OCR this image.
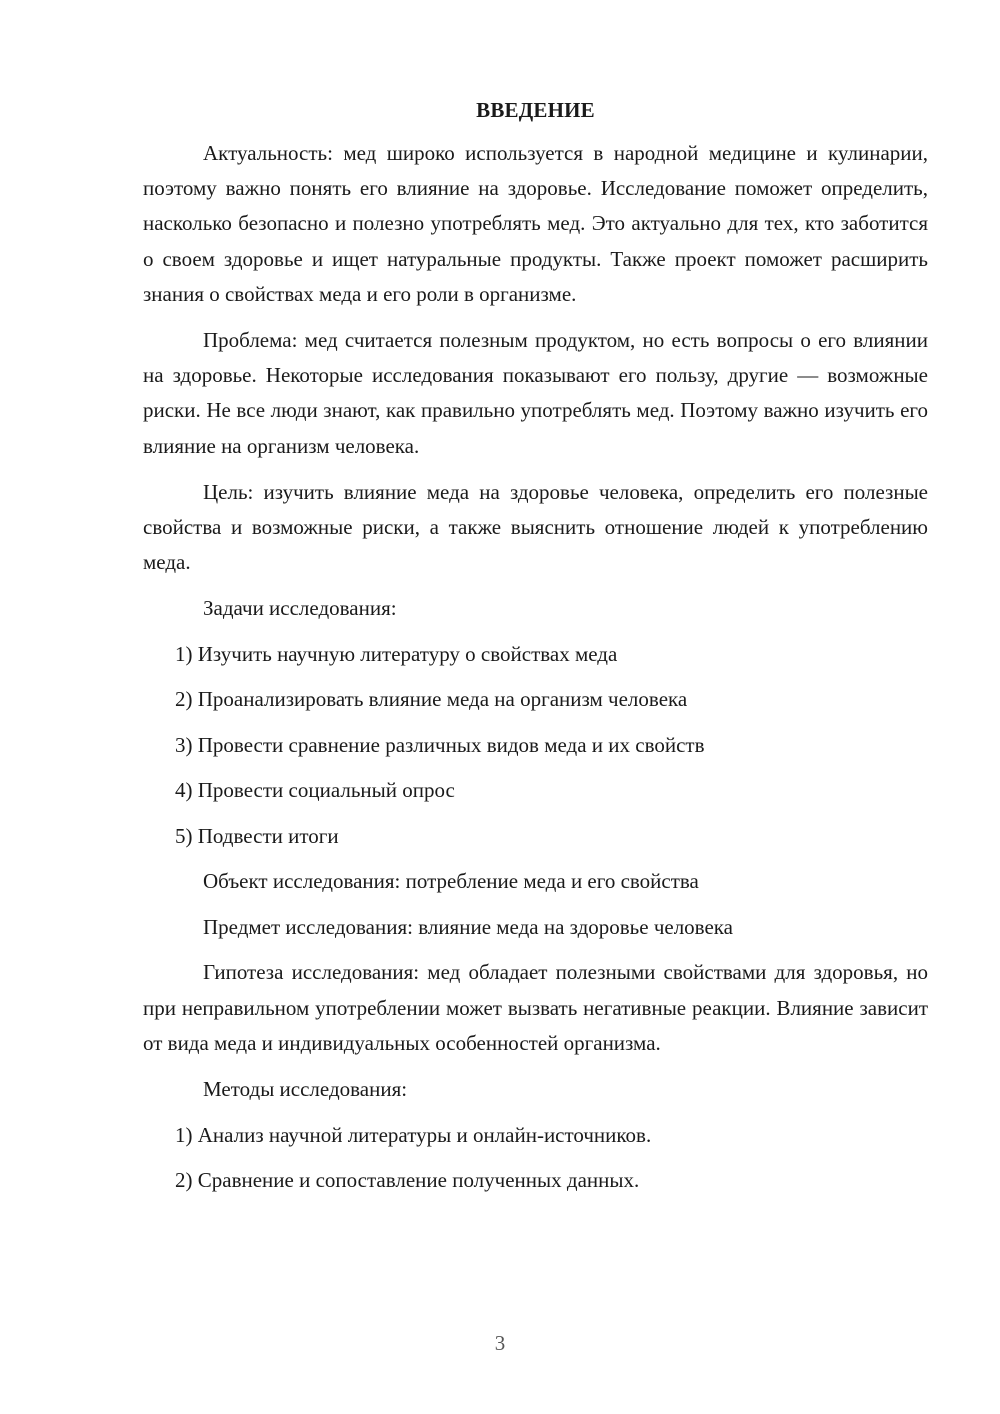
ВВЕДЕНИЕ

Актуальность: мед широко используется в народной медицине и кулинарии, поэтому важно понять его влияние на здоровье. Исследование поможет определить, насколько безопасно и полезно употреблять мед. Это актуально для тех, кто заботится о своем здоровье и ищет натуральные продукты. Также проект поможет расширить знания о свойствах меда и его роли в организме.

Проблема: мед считается полезным продуктом, но есть вопросы о его влиянии на здоровье. Некоторые исследования показывают его пользу, другие — возможные риски. Не все люди знают, как правильно употреблять мед. Поэтому важно изучить его влияние на организм человека.

Цель: изучить влияние меда на здоровье человека, определить его полезные свойства и возможные риски, а также выяснить отношение людей к употреблению меда.

Задачи исследования:

1) Изучить научную литературу о свойствах меда

2) Проанализировать влияние меда на организм человека

3) Провести сравнение различных видов меда и их свойств

4) Провести социальный опрос

5) Подвести итоги

Объект исследования: потребление меда и его свойства

Предмет исследования: влияние меда на здоровье человека

Гипотеза исследования: мед обладает полезными свойствами для здоровья, но при неправильном употреблении может вызвать негативные реакции. Влияние зависит от вида меда и индивидуальных особенностей организма.

Методы исследования:

1) Анализ научной литературы и онлайн-источников.

2) Сравнение и сопоставление полученных данных.

3
